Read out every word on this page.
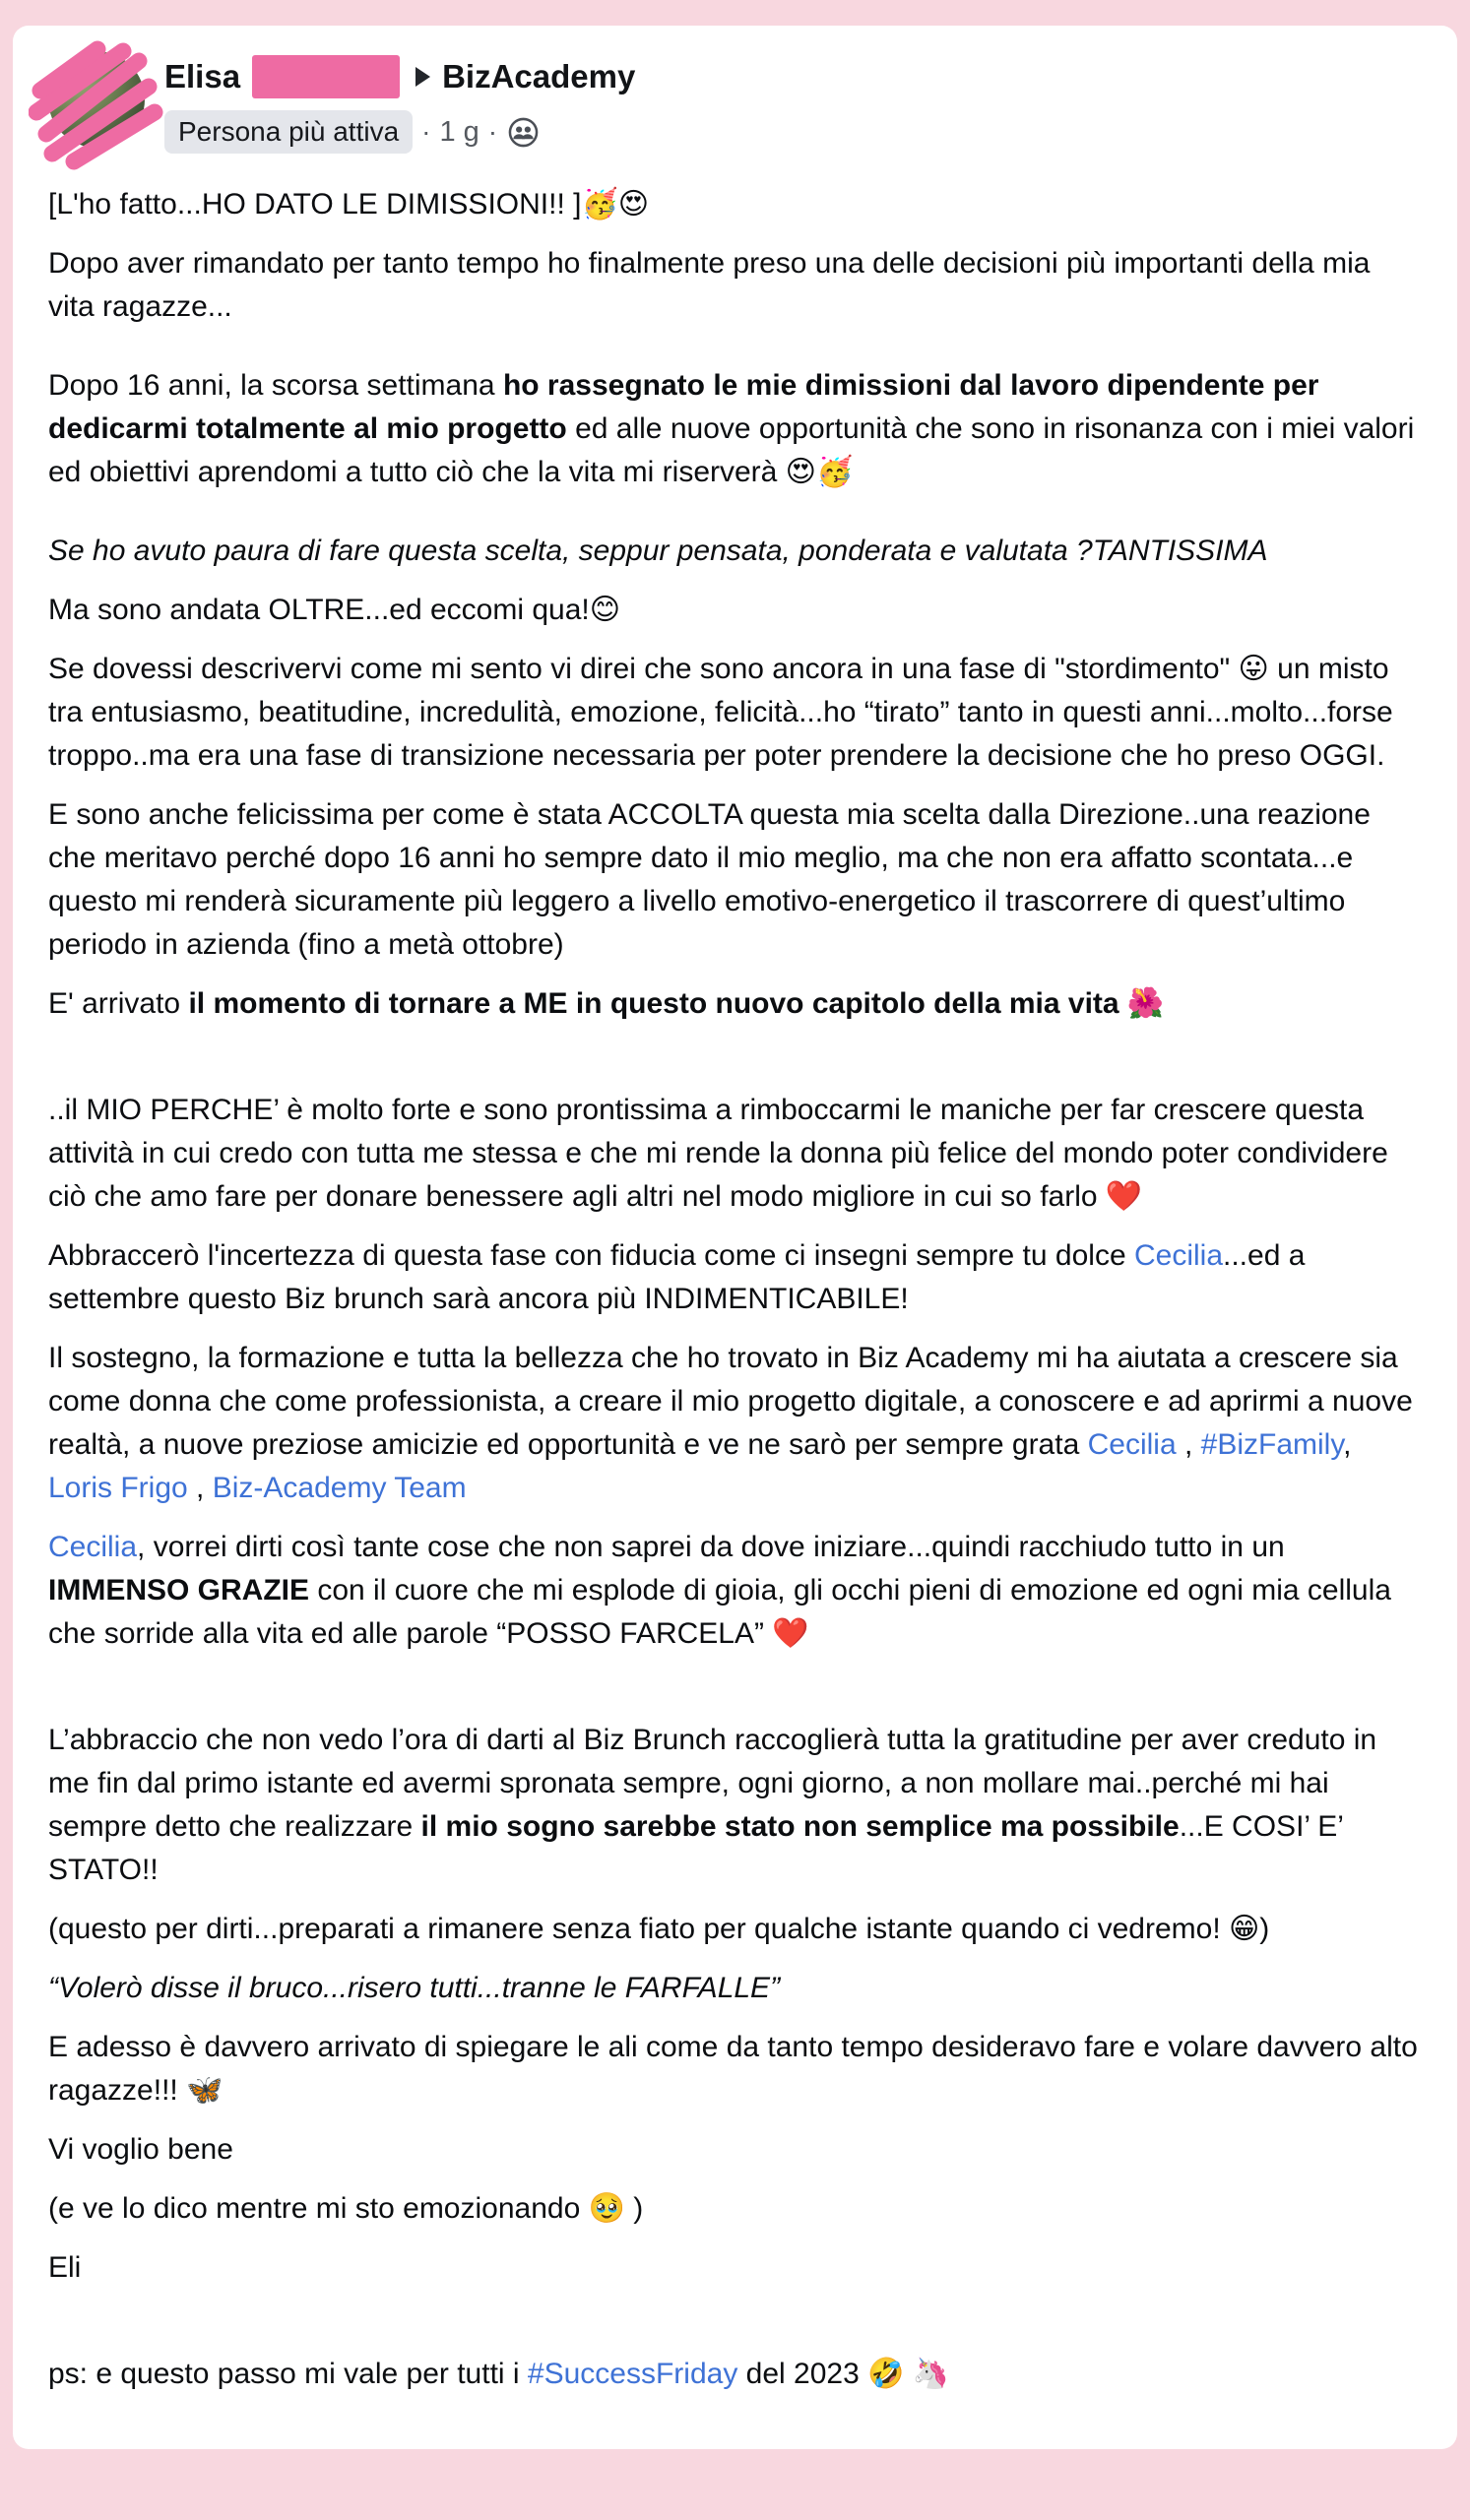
Elisa	BizAcademy
Persona più attiva · 1 g ·

[L'ho fatto...HO DATO LE DIMISSIONI!! ]🥳😍

Dopo aver rimandato per tanto tempo ho finalmente preso una delle decisioni più importanti della mia vita ragazze...

Dopo 16 anni, la scorsa settimana ho rassegnato le mie dimissioni dal lavoro dipendente per dedicarmi totalmente al mio progetto ed alle nuove opportunità che sono in risonanza con i miei valori ed obiettivi aprendomi a tutto ciò che la vita mi riserverà 😍🥳

Se ho avuto paura di fare questa scelta, seppur pensata, ponderata e valutata ?TANTISSIMA

Ma sono andata OLTRE...ed eccomi qua!😊

Se dovessi descrivervi come mi sento vi direi che sono ancora in una fase di "stordimento" 😛 un misto tra entusiasmo, beatitudine, incredulità, emozione, felicità...ho “tirato” tanto in questi anni...molto...forse troppo..ma era una fase di transizione necessaria per poter prendere la decisione che ho preso OGGI.

E sono anche felicissima per come è stata ACCOLTA questa mia scelta dalla Direzione..una reazione che meritavo perché dopo 16 anni ho sempre dato il mio meglio, ma che non era affatto scontata...e questo mi renderà sicuramente più leggero a livello emotivo-energetico il trascorrere di quest’ultimo periodo in azienda (fino a metà ottobre)

E' arrivato il momento di tornare a ME in questo nuovo capitolo della mia vita 🌺

..il MIO PERCHE’ è molto forte e sono prontissima a rimboccarmi le maniche per far crescere questa attività in cui credo con tutta me stessa e che mi rende la donna più felice del mondo poter condividere ciò che amo fare per donare benessere agli altri nel modo migliore in cui so farlo ❤️

Abbraccerò l'incertezza di questa fase con fiducia come ci insegni sempre tu dolce Cecilia...ed a settembre questo Biz brunch sarà ancora più INDIMENTICABILE!

Il sostegno, la formazione e tutta la bellezza che ho trovato in Biz Academy mi ha aiutata a crescere sia come donna che come professionista, a creare il mio progetto digitale, a conoscere e ad aprirmi a nuove realtà, a nuove preziose amicizie ed opportunità e ve ne sarò per sempre grata Cecilia , #BizFamily, Loris Frigo , Biz-Academy Team

Cecilia, vorrei dirti così tante cose che non saprei da dove iniziare...quindi racchiudo tutto in un IMMENSO GRAZIE con il cuore che mi esplode di gioia, gli occhi pieni di emozione ed ogni mia cellula che sorride alla vita ed alle parole “POSSO FARCELA” ❤️

L’abbraccio che non vedo l’ora di darti al Biz Brunch raccoglierà tutta la gratitudine per aver creduto in me fin dal primo istante ed avermi spronata sempre, ogni giorno, a non mollare mai..perché mi hai sempre detto che realizzare il mio sogno sarebbe stato non semplice ma possibile...E COSI’ E’ STATO!!

(questo per dirti...preparati a rimanere senza fiato per qualche istante quando ci vedremo! 😁)

“Volerò disse il bruco...risero tutti...tranne le FARFALLE”

E adesso è davvero arrivato di spiegare le ali come da tanto tempo desideravo fare e volare davvero alto ragazze!!! 🦋

Vi voglio bene

(e ve lo dico mentre mi sto emozionando 🥹 )

Eli

ps: e questo passo mi vale per tutti i #SuccessFriday del 2023 🤣 🦄
